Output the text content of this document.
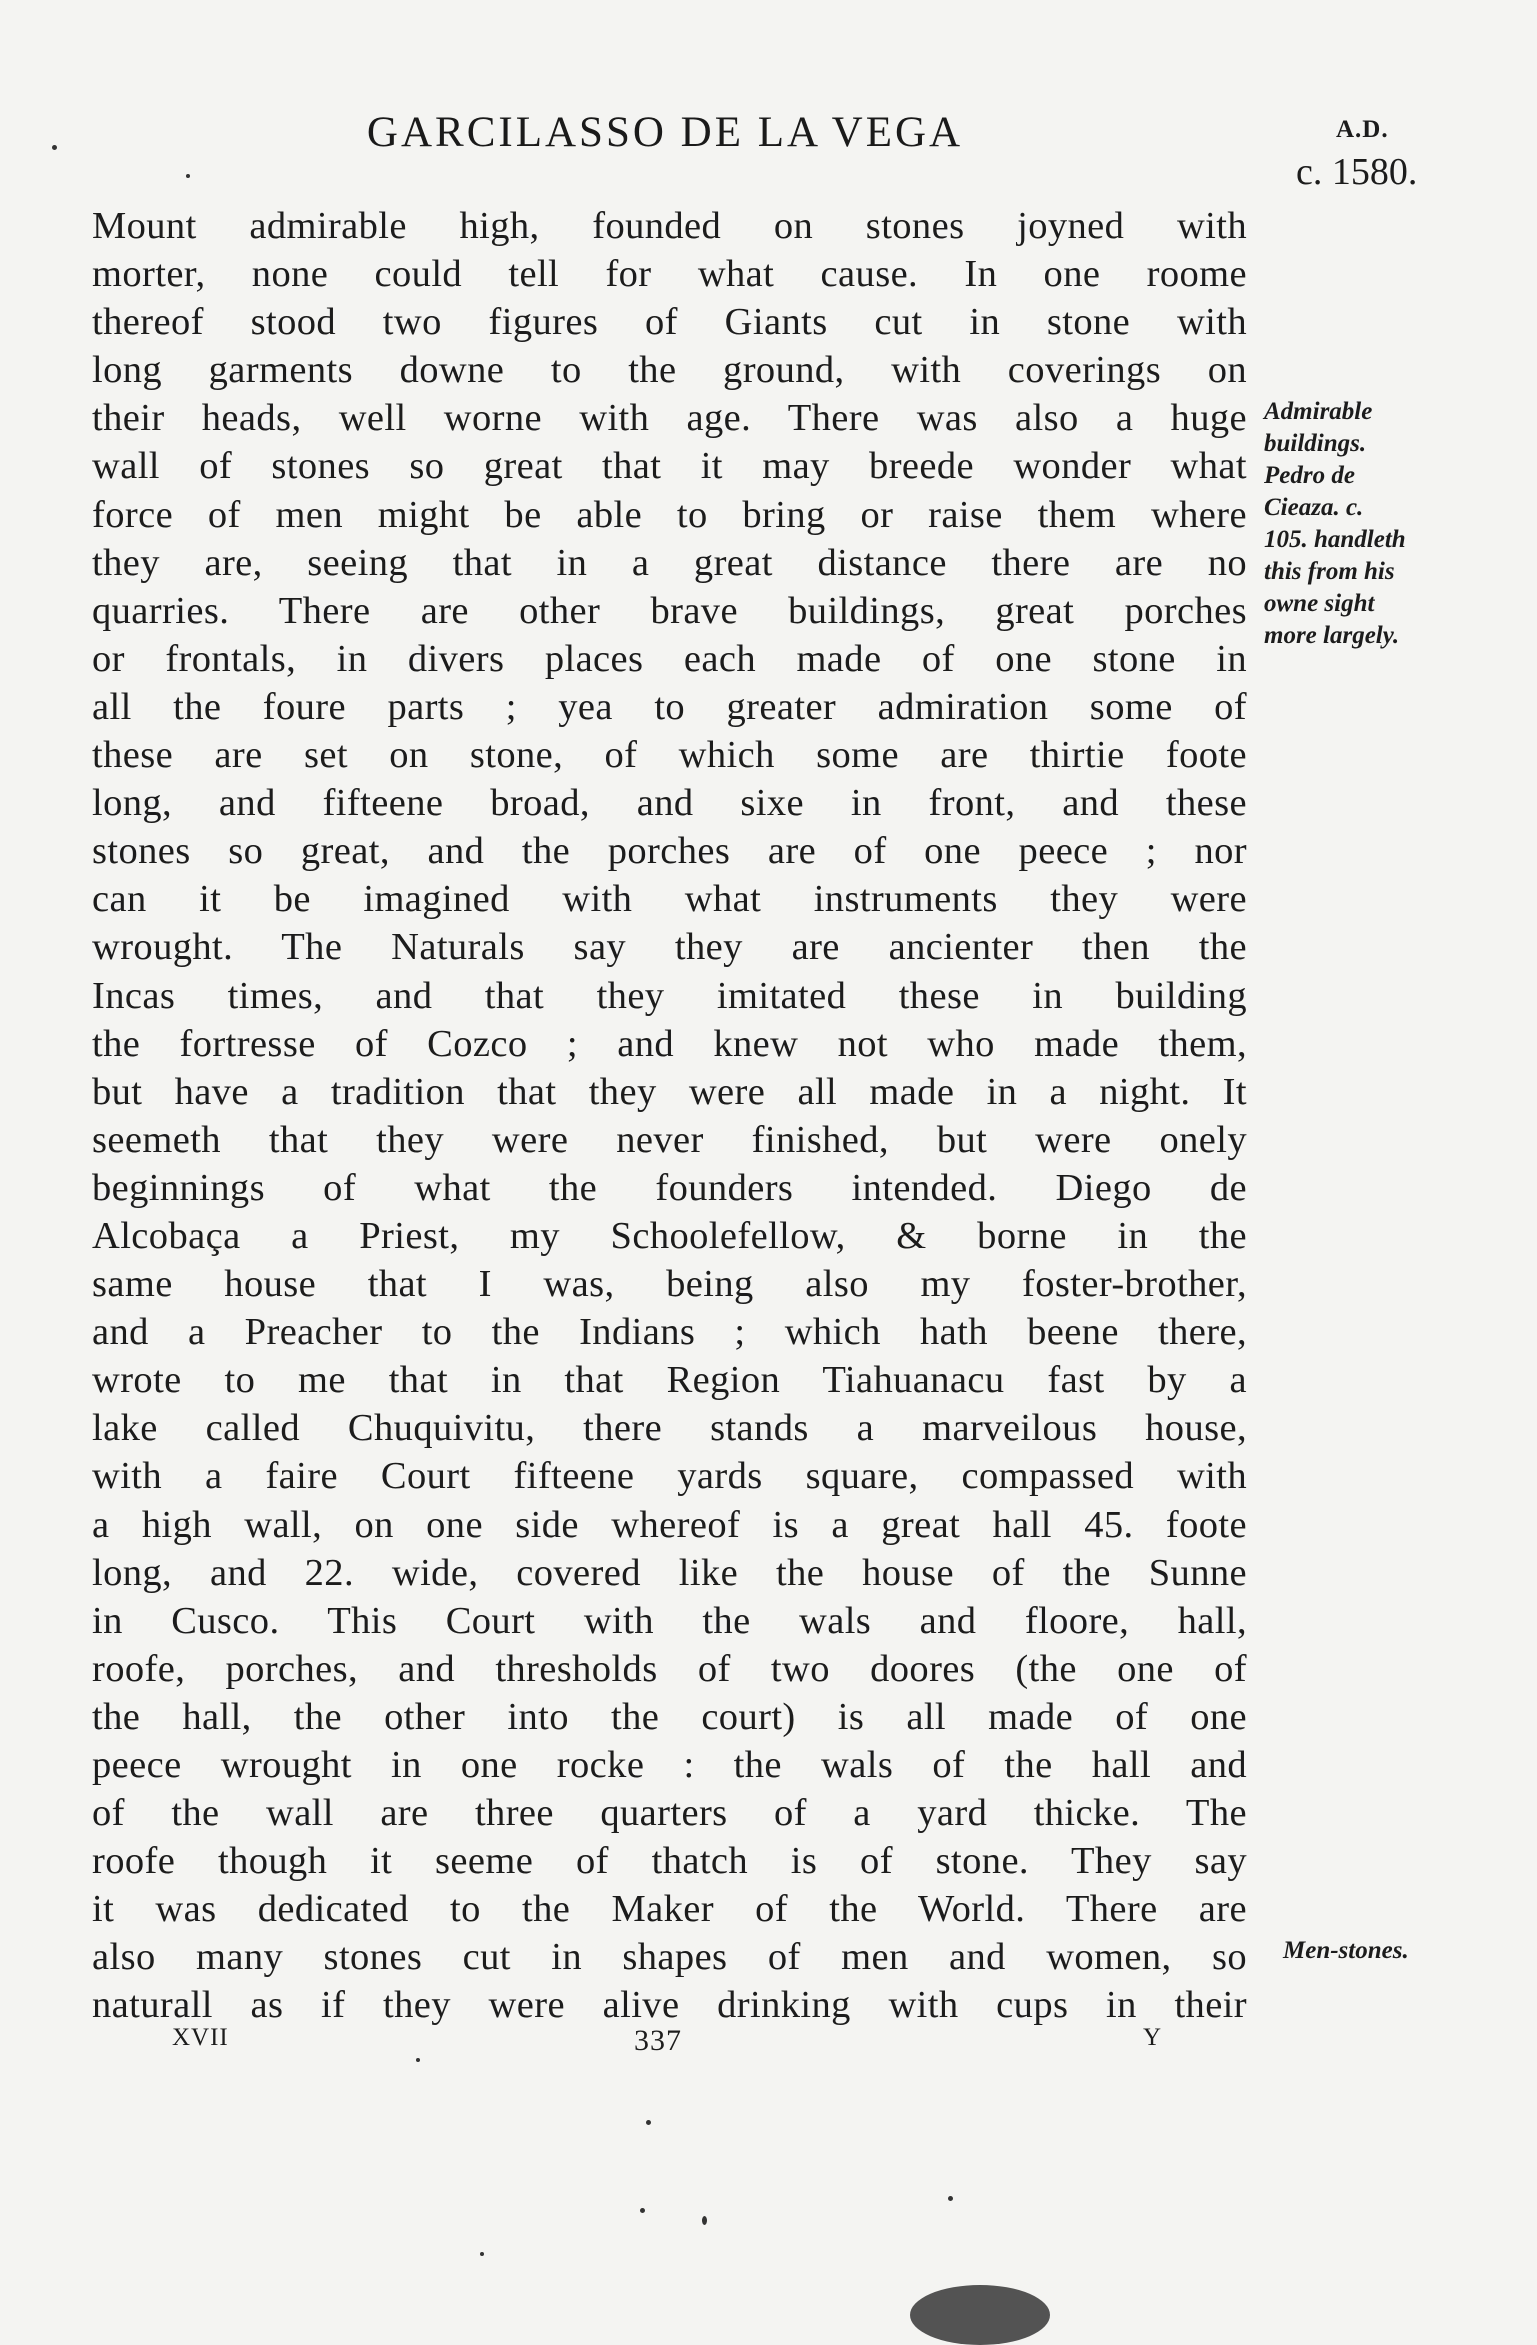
GARCILASSO DE LA VEGA	A.D.
c. 1580.
Mount admirable high, founded on stones joyned with
morter, none could tell for what cause. In one roome
thereof stood two figures of Giants cut in stone with
long garments downe to the ground, with coverings on
their heads, well worne with age. There was also a huge
wall of stones so great that it may breede wonder what
force of men might be able to bring or raise them where
they are, seeing that in a great distance there are no
quarries. There are other brave buildings, great porches
or frontals, in divers places each made of one stone in
all the foure parts ; yea to greater admiration some of
these are set on stone, of which some are thirtie foote
long, and fifteene broad, and sixe in front, and these
stones so great, and the porches are of one peece ; nor
can it be imagined with what instruments they were
wrought. The Naturals say they are ancienter then the
Incas times, and that they imitated these in building
the fortresse of Cozco ; and knew not who made them,
but have a tradition that they were all made in a night. It
seemeth that they were never finished, but were onely
beginnings of what the founders intended. Diego de
Alcobaça a Priest, my Schoolefellow, & borne in the
same house that I was, being also my foster-brother,
and a Preacher to the Indians ; which hath beene there,
wrote to me that in that Region Tiahuanacu fast by a
lake called Chuquivitu, there stands a marveilous house,
with a faire Court fifteene yards square, compassed with
a high wall, on one side whereof is a great hall 45. foote
long, and 22. wide, covered like the house of the Sunne
in Cusco. This Court with the wals and floore, hall,
roofe, porches, and thresholds of two doores (the one of
the hall, the other into the court) is all made of one
peece wrought in one rocke : the wals of the hall and
of the wall are three quarters of a yard thicke. The
roofe though it seeme of thatch is of stone. They say
it was dedicated to the Maker of the World. There are
also many stones cut in shapes of men and women, so
naturall as if they were alive drinking with cups in their
Admirable
buildings.
Pedro de
Cieaza. c.
105. handleth
this from his
owne sight
more largely.
Men-stones.
XVII	337	Y
